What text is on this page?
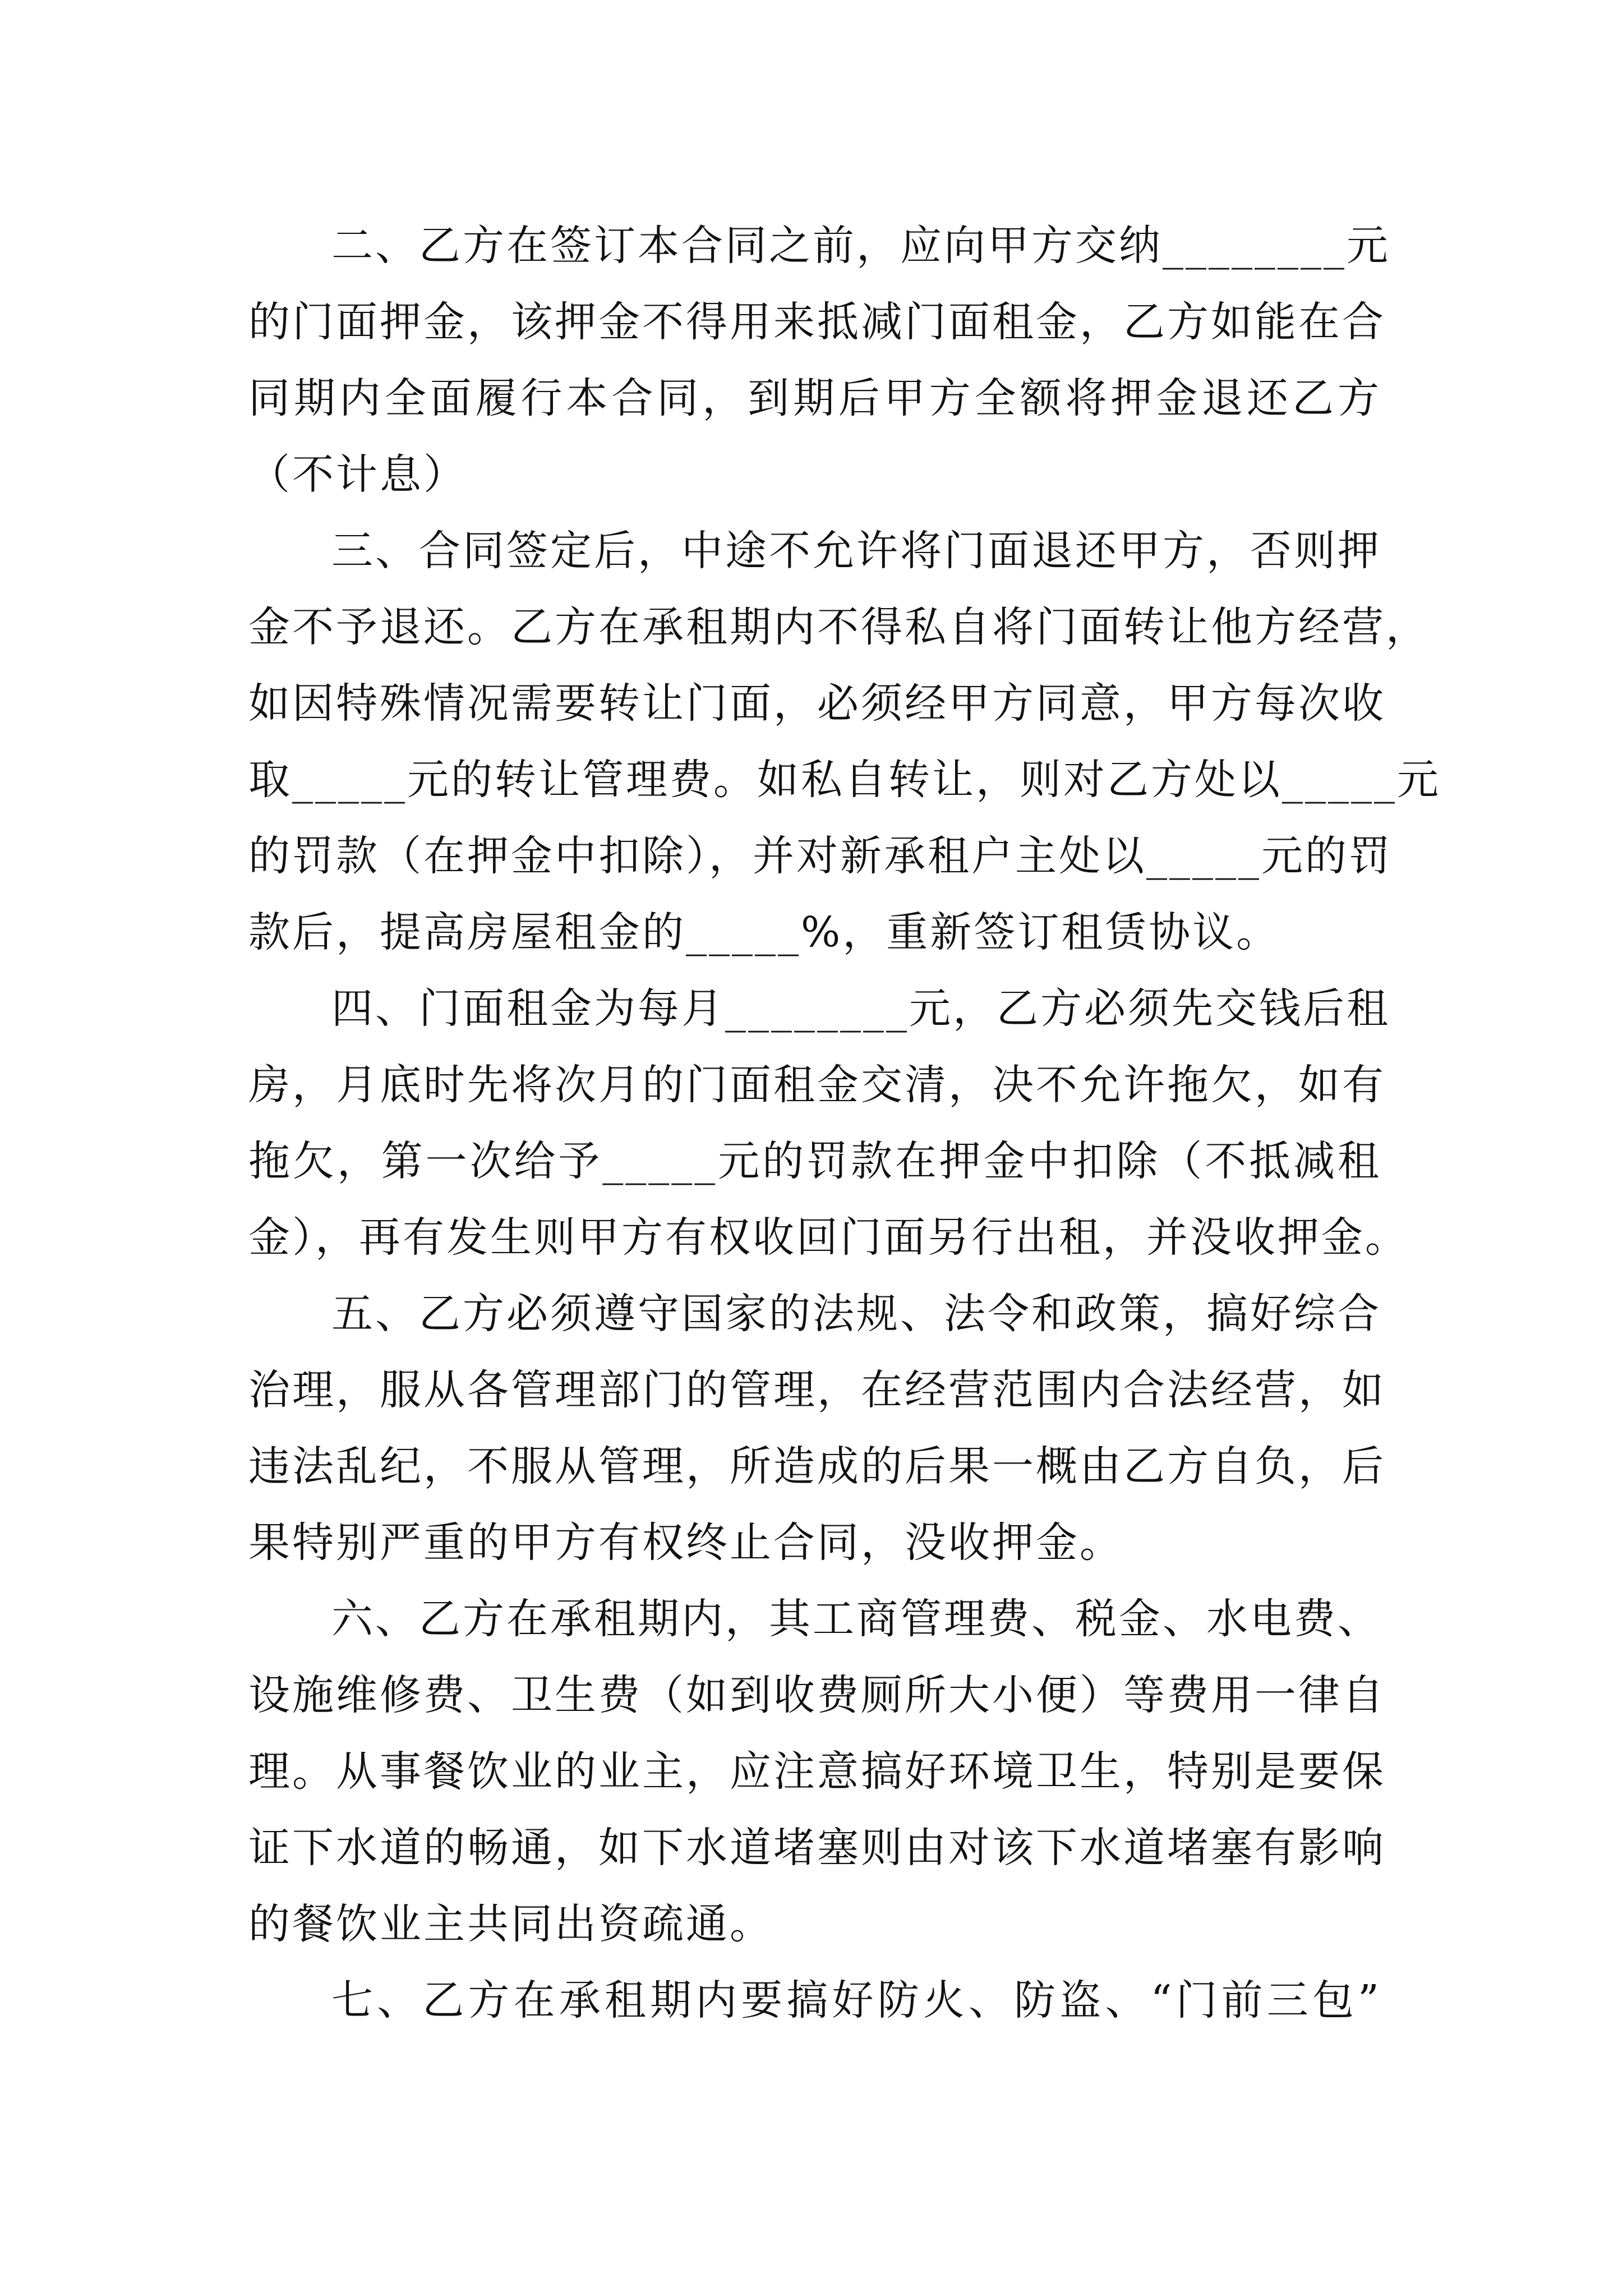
二、乙方在签订本合同之前，应向甲方交纳________元
的门面押金，该押金不得用来抵减门面租金，乙方如能在合
同期内全面履行本合同，到期后甲方全额将押金退还乙方
（不计息）
三、合同签定后，中途不允许将门面退还甲方，否则押
金不予退还。乙方在承租期内不得私自将门面转让他方经营，
如因特殊情况需要转让门面，必须经甲方同意，甲方每次收
取_____元的转让管理费。如私自转让，则对乙方处以_____元
的罚款（在押金中扣除），并对新承租户主处以_____元的罚
款后，提高房屋租金的_____%，重新签订租赁协议。
四、门面租金为每月________元，乙方必须先交钱后租
房，月底时先将次月的门面租金交清，决不允许拖欠，如有
拖欠，第一次给予_____元的罚款在押金中扣除（不抵减租
金），再有发生则甲方有权收回门面另行出租，并没收押金。
五、乙方必须遵守国家的法规、法令和政策，搞好综合
治理，服从各管理部门的管理，在经营范围内合法经营，如
违法乱纪，不服从管理，所造成的后果一概由乙方自负，后
果特别严重的甲方有权终止合同，没收押金。
六、乙方在承租期内，其工商管理费、税金、水电费、
设施维修费、卫生费（如到收费厕所大小便）等费用一律自
理。从事餐饮业的业主，应注意搞好环境卫生，特别是要保
证下水道的畅通，如下水道堵塞则由对该下水道堵塞有影响
的餐饮业主共同出资疏通。
七、乙方在承租期内要搞好防火、防盗、“门前三包”
